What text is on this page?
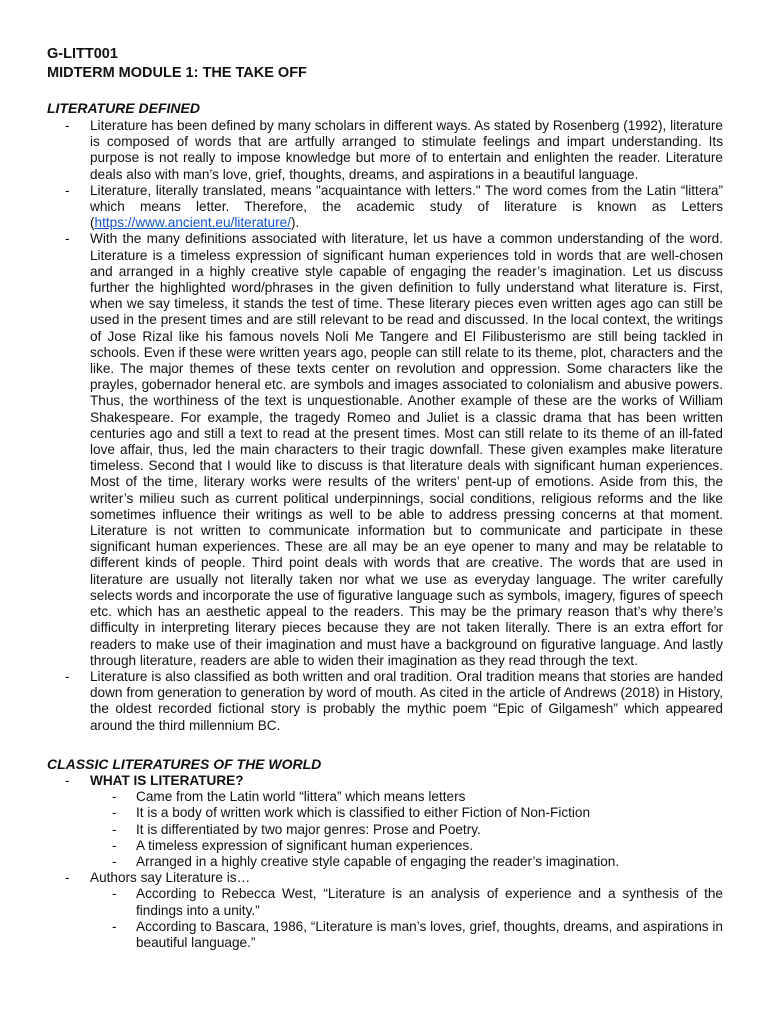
G-LITT001
MIDTERM MODULE 1: THE TAKE OFF
LITERATURE DEFINED
- Literature has been defined by many scholars in different ways. As stated by Rosenberg (1992), literature is composed of words that are artfully arranged to stimulate feelings and impart understanding. Its purpose is not really to impose knowledge but more of to entertain and enlighten the reader. Literature deals also with man’s love, grief, thoughts, dreams, and aspirations in a beautiful language.
- Literature, literally translated, means "acquaintance with letters." The word comes from the Latin “littera” which means letter. Therefore, the academic study of literature is known as Letters (https://www.ancient.eu/literature/).
- With the many definitions associated with literature, let us have a common understanding of the word. Literature is a timeless expression of significant human experiences told in words that are well-chosen and arranged in a highly creative style capable of engaging the reader’s imagination. Let us discuss further the highlighted word/phrases in the given definition to fully understand what literature is. First, when we say timeless, it stands the test of time. These literary pieces even written ages ago can still be used in the present times and are still relevant to be read and discussed. In the local context, the writings of Jose Rizal like his famous novels Noli Me Tangere and El Filibusterismo are still being tackled in schools. Even if these were written years ago, people can still relate to its theme, plot, characters and the like. The major themes of these texts center on revolution and oppression. Some characters like the prayles, gobernador heneral etc. are symbols and images associated to colonialism and abusive powers. Thus, the worthiness of the text is unquestionable. Another example of these are the works of William Shakespeare. For example, the tragedy Romeo and Juliet is a classic drama that has been written centuries ago and still a text to read at the present times. Most can still relate to its theme of an ill-fated love affair, thus, led the main characters to their tragic downfall. These given examples make literature timeless. Second that I would like to discuss is that literature deals with significant human experiences. Most of the time, literary works were results of the writers’ pent-up of emotions. Aside from this, the writer’s milieu such as current political underpinnings, social conditions, religious reforms and the like sometimes influence their writings as well to be able to address pressing concerns at that moment. Literature is not written to communicate information but to communicate and participate in these significant human experiences. These are all may be an eye opener to many and may be relatable to different kinds of people. Third point deals with words that are creative. The words that are used in literature are usually not literally taken nor what we use as everyday language. The writer carefully selects words and incorporate the use of figurative language such as symbols, imagery, figures of speech etc. which has an aesthetic appeal to the readers. This may be the primary reason that’s why there’s difficulty in interpreting literary pieces because they are not taken literally. There is an extra effort for readers to make use of their imagination and must have a background on figurative language. And lastly through literature, readers are able to widen their imagination as they read through the text.
- Literature is also classified as both written and oral tradition. Oral tradition means that stories are handed down from generation to generation by word of mouth. As cited in the article of Andrews (2018) in History, the oldest recorded fictional story is probably the mythic poem “Epic of Gilgamesh” which appeared around the third millennium BC.
CLASSIC LITERATURES OF THE WORLD
- WHAT IS LITERATURE?
- Came from the Latin world “littera” which means letters
- It is a body of written work which is classified to either Fiction of Non-Fiction
- It is differentiated by two major genres: Prose and Poetry.
- A timeless expression of significant human experiences.
- Arranged in a highly creative style capable of engaging the reader’s imagination.
- Authors say Literature is…
- According to Rebecca West, “Literature is an analysis of experience and a synthesis of the findings into a unity.”
- According to Bascara, 1986, “Literature is man’s loves, grief, thoughts, dreams, and aspirations in beautiful language.”
